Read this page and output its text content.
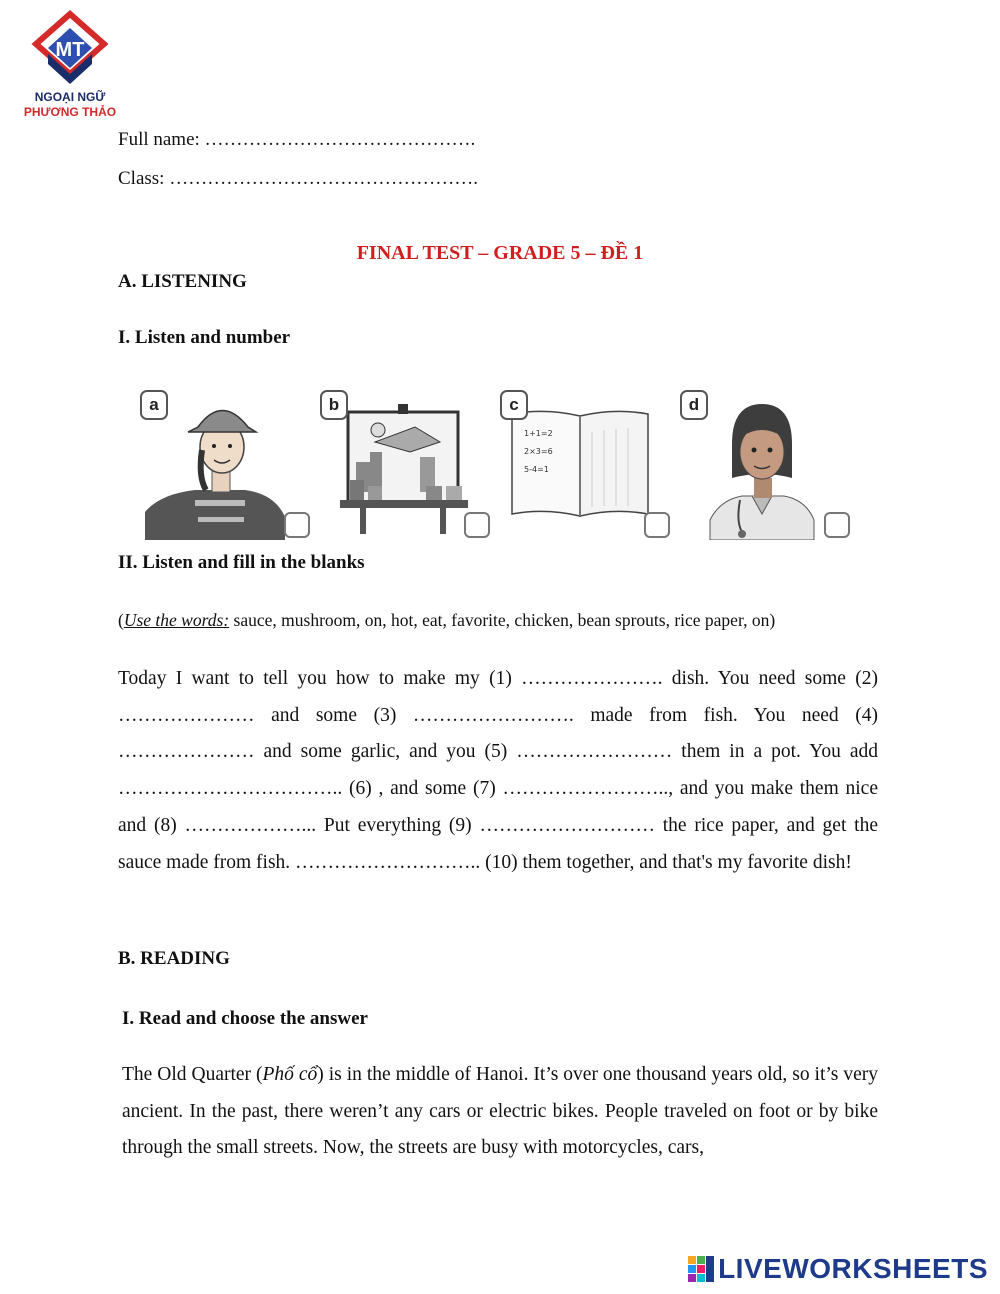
MT
NGOẠI NGỮ
PHƯƠNG THẢO
Full name: …………………………………….
Class: ………………………………………….
FINAL TEST – GRADE 5 – ĐỀ 1
A. LISTENING
I. Listen and number
a	b
1+1=2
2×3=6
5-4=1
c	d
II. Listen and fill in the blanks
(Use the words: sauce, mushroom, on, hot, eat, favorite, chicken, bean sprouts, rice paper, on)
Today I want to tell you how to make my (1) …………………. dish. You need some (2) ………………… and some (3) ……………………. made from fish. You need (4) ………………… and some garlic, and you (5) …………………… them in a pot. You add …………………………….. (6) , and some (7) …………………….., and you make them nice and (8) ………………... Put everything (9) ……………………… the rice paper, and get the sauce made from fish. ……………………….. (10) them together, and that's my favorite dish!
B. READING
I. Read and choose the answer
The Old Quarter (Phố cổ) is in the middle of Hanoi. It’s over one thousand years old, so it’s very ancient. In the past, there weren’t any cars or electric bikes. People traveled on foot or by bike through the small streets. Now, the streets are busy with motorcycles, cars,
LIVEWORKSHEETS
